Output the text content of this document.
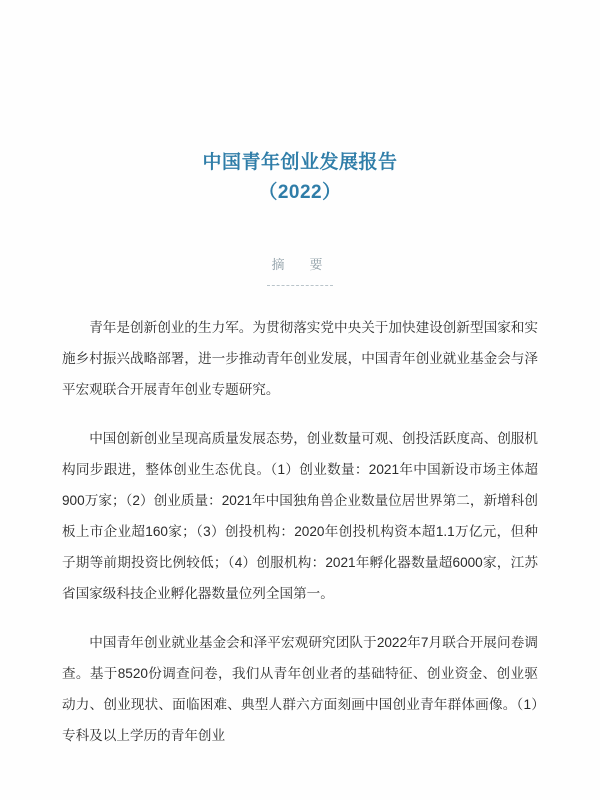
中国青年创业发展报告
（2022）
摘　要

青年是创新创业的生力军。为贯彻落实党中央关于加快建设创新型国家和实施乡村振兴战略部署，进一步推动青年创业发展，中国青年创业就业基金会与泽平宏观联合开展青年创业专题研究。

中国创新创业呈现高质量发展态势，创业数量可观、创投活跃度高、创服机构同步跟进，整体创业生态优良。（1）创业数量：2021年中国新设市场主体超900万家；（2）创业质量：2021年中国独角兽企业数量位居世界第二，新增科创板上市企业超160家；（3）创投机构：2020年创投机构资本超1.1万亿元，但种子期等前期投资比例较低；（4）创服机构：2021年孵化器数量超6000家，江苏省国家级科技企业孵化器数量位列全国第一。

中国青年创业就业基金会和泽平宏观研究团队于2022年7月联合开展问卷调查。基于8520份调查问卷，我们从青年创业者的基础特征、创业资金、创业驱动力、创业现状、面临困难、典型人群六方面刻画中国创业青年群体画像。（1）专科及以上学历的青年创业
